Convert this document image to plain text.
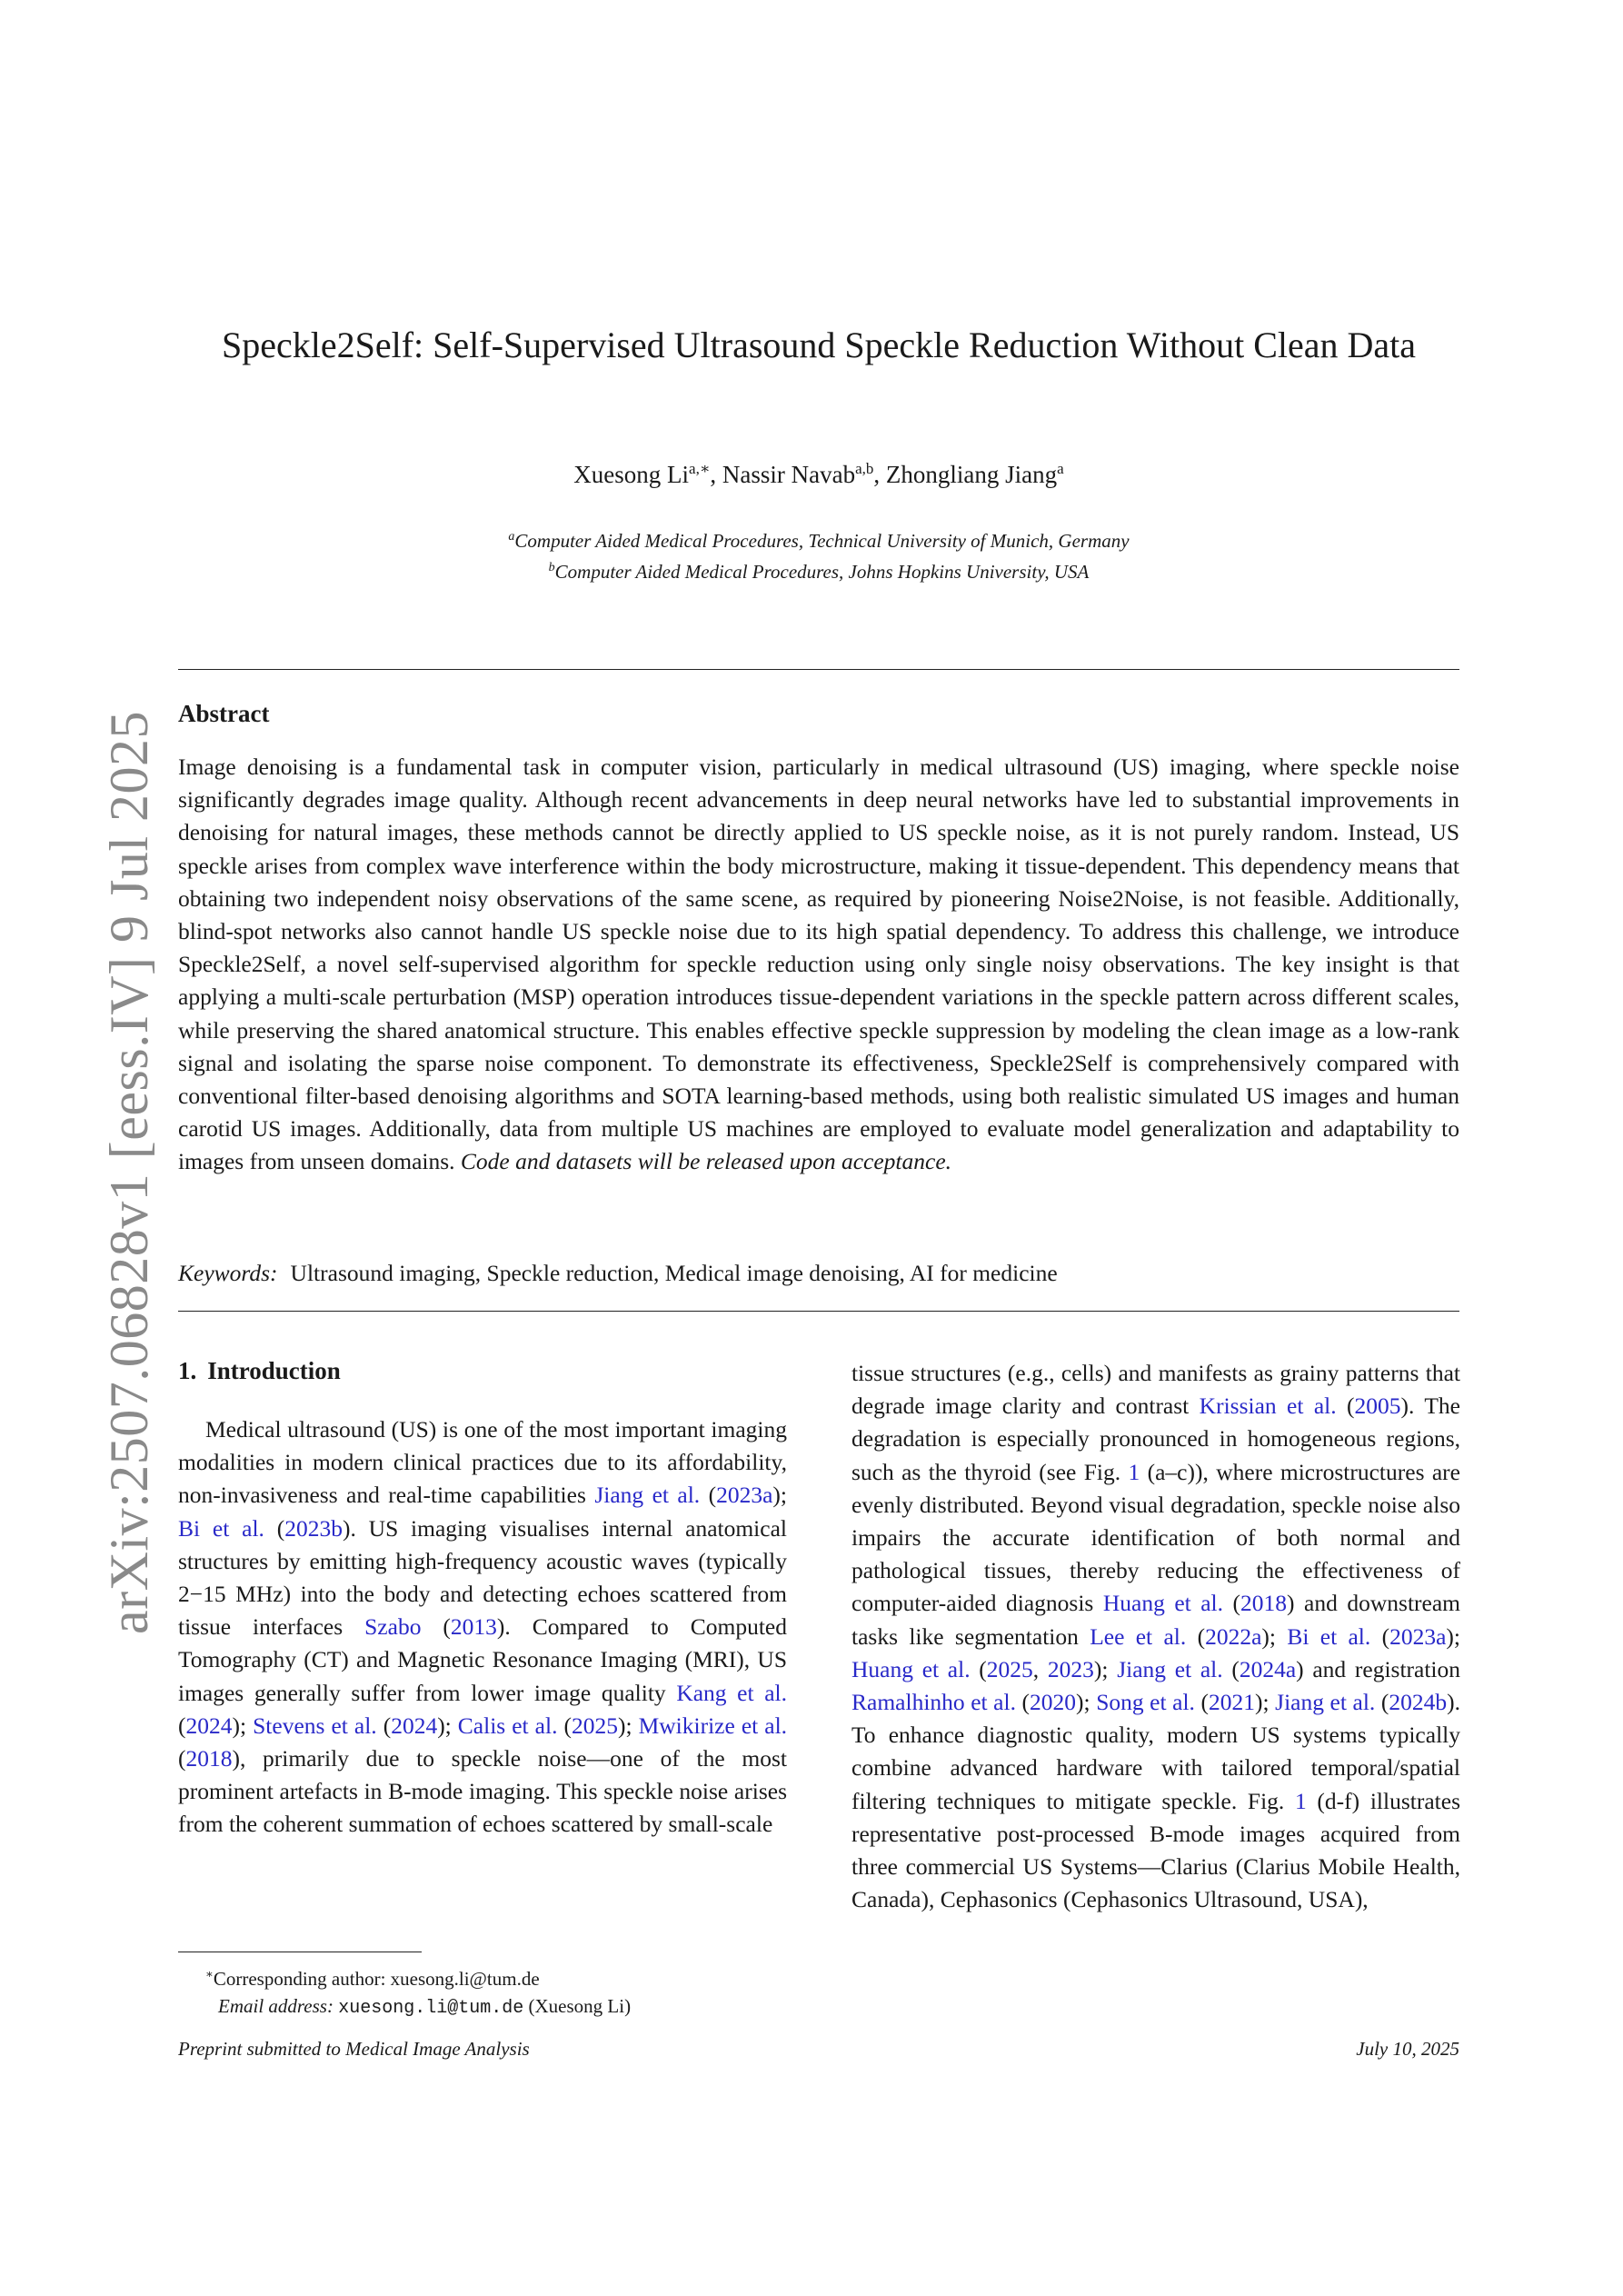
arXiv:2507.06828v1 [eess.IV] 9 Jul 2025
Speckle2Self: Self-Supervised Ultrasound Speckle Reduction Without Clean Data
Xuesong $Li^{a,∗}$, Nassir Navab$^{a,b}$, Zhongliang Jiang$^a$
$^a$Computer Aided Medical Procedures, Technical University of Munich, Germany
$^b$Computer Aided Medical Procedures, Johns Hopkins University, USA
Abstract
Image denoising is a fundamental task in computer vision, particularly in medical ultrasound (US) imaging, where speckle noise significantly degrades image quality. Although recent advancements in deep neural networks have led to substantial improvements in denoising for natural images, these methods cannot be directly applied to US speckle noise, as it is not purely random. Instead, US speckle arises from complex wave interference within the body microstructure, making it tissue-dependent. This dependency means that obtaining two independent noisy observations of the same scene, as required by pioneering Noise2Noise, is not feasible. Additionally, blind-spot networks also cannot handle US speckle noise due to its high spatial dependency. To address this challenge, we introduce Speckle2Self, a novel self-supervised algorithm for speckle reduction using only single noisy observations. The key insight is that applying a multi-scale perturbation (MSP) operation introduces tissue-dependent variations in the speckle pattern across different scales, while preserving the shared anatomical structure. This enables effective speckle suppression by modeling the clean image as a low-rank signal and isolating the sparse noise component. To demonstrate its effectiveness, Speckle2Self is comprehensively compared with conventional filter-based denoising algorithms and SOTA learning-based methods, using both realistic simulated US images and human carotid US images. Additionally, data from multiple US machines are employed to evaluate model generalization and adaptability to images from unseen domains. Code and datasets will be released upon acceptance.
Keywords: Ultrasound imaging, Speckle reduction, Medical image denoising, AI for medicine
1. Introduction
Medical ultrasound (US) is one of the most important imaging modalities in modern clinical practices due to its affordability, non-invasiveness and real-time capabilities Jiang et al. (2023a); Bi et al. (2023b). US imaging visualises internal anatomical structures by emitting high-frequency acoustic waves (typically 2−15 MHz) into the body and detecting echoes scattered from tissue interfaces Szabo (2013). Compared to Computed Tomography (CT) and Magnetic Resonance Imaging (MRI), US images generally suffer from lower image quality Kang et al. (2024); Stevens et al. (2024); Calis et al. (2025); Mwikirize et al. (2018), primarily due to speckle noise—one of the most prominent artefacts in B-mode imaging. This speckle noise arises from the coherent summation of echoes scattered by small-scale
tissue structures (e.g., cells) and manifests as grainy patterns that degrade image clarity and contrast Krissian et al. (2005). The degradation is especially pronounced in homogeneous regions, such as the thyroid (see Fig. 1 (a–c)), where microstructures are evenly distributed. Beyond visual degradation, speckle noise also impairs the accurate identification of both normal and pathological tissues, thereby reducing the effectiveness of computer-aided diagnosis Huang et al. (2018) and downstream tasks like segmentation Lee et al. (2022a); Bi et al. (2023a); Huang et al. (2025, 2023); Jiang et al. (2024a) and registration Ramalhinho et al. (2020); Song et al. (2021); Jiang et al. (2024b). To enhance diagnostic quality, modern US systems typically combine advanced hardware with tailored temporal/spatial filtering techniques to mitigate speckle. Fig. 1 (d-f) illustrates representative post-processed B-mode images acquired from three commercial US Systems—Clarius (Clarius Mobile Health, Canada), Cephasonics (Cephasonics Ultrasound, USA),
∗Corresponding author: xuesong.li@tum.de
Email address: xuesong.li@tum.de (Xuesong Li)
Preprint submitted to Medical Image Analysis	July 10, 2025
